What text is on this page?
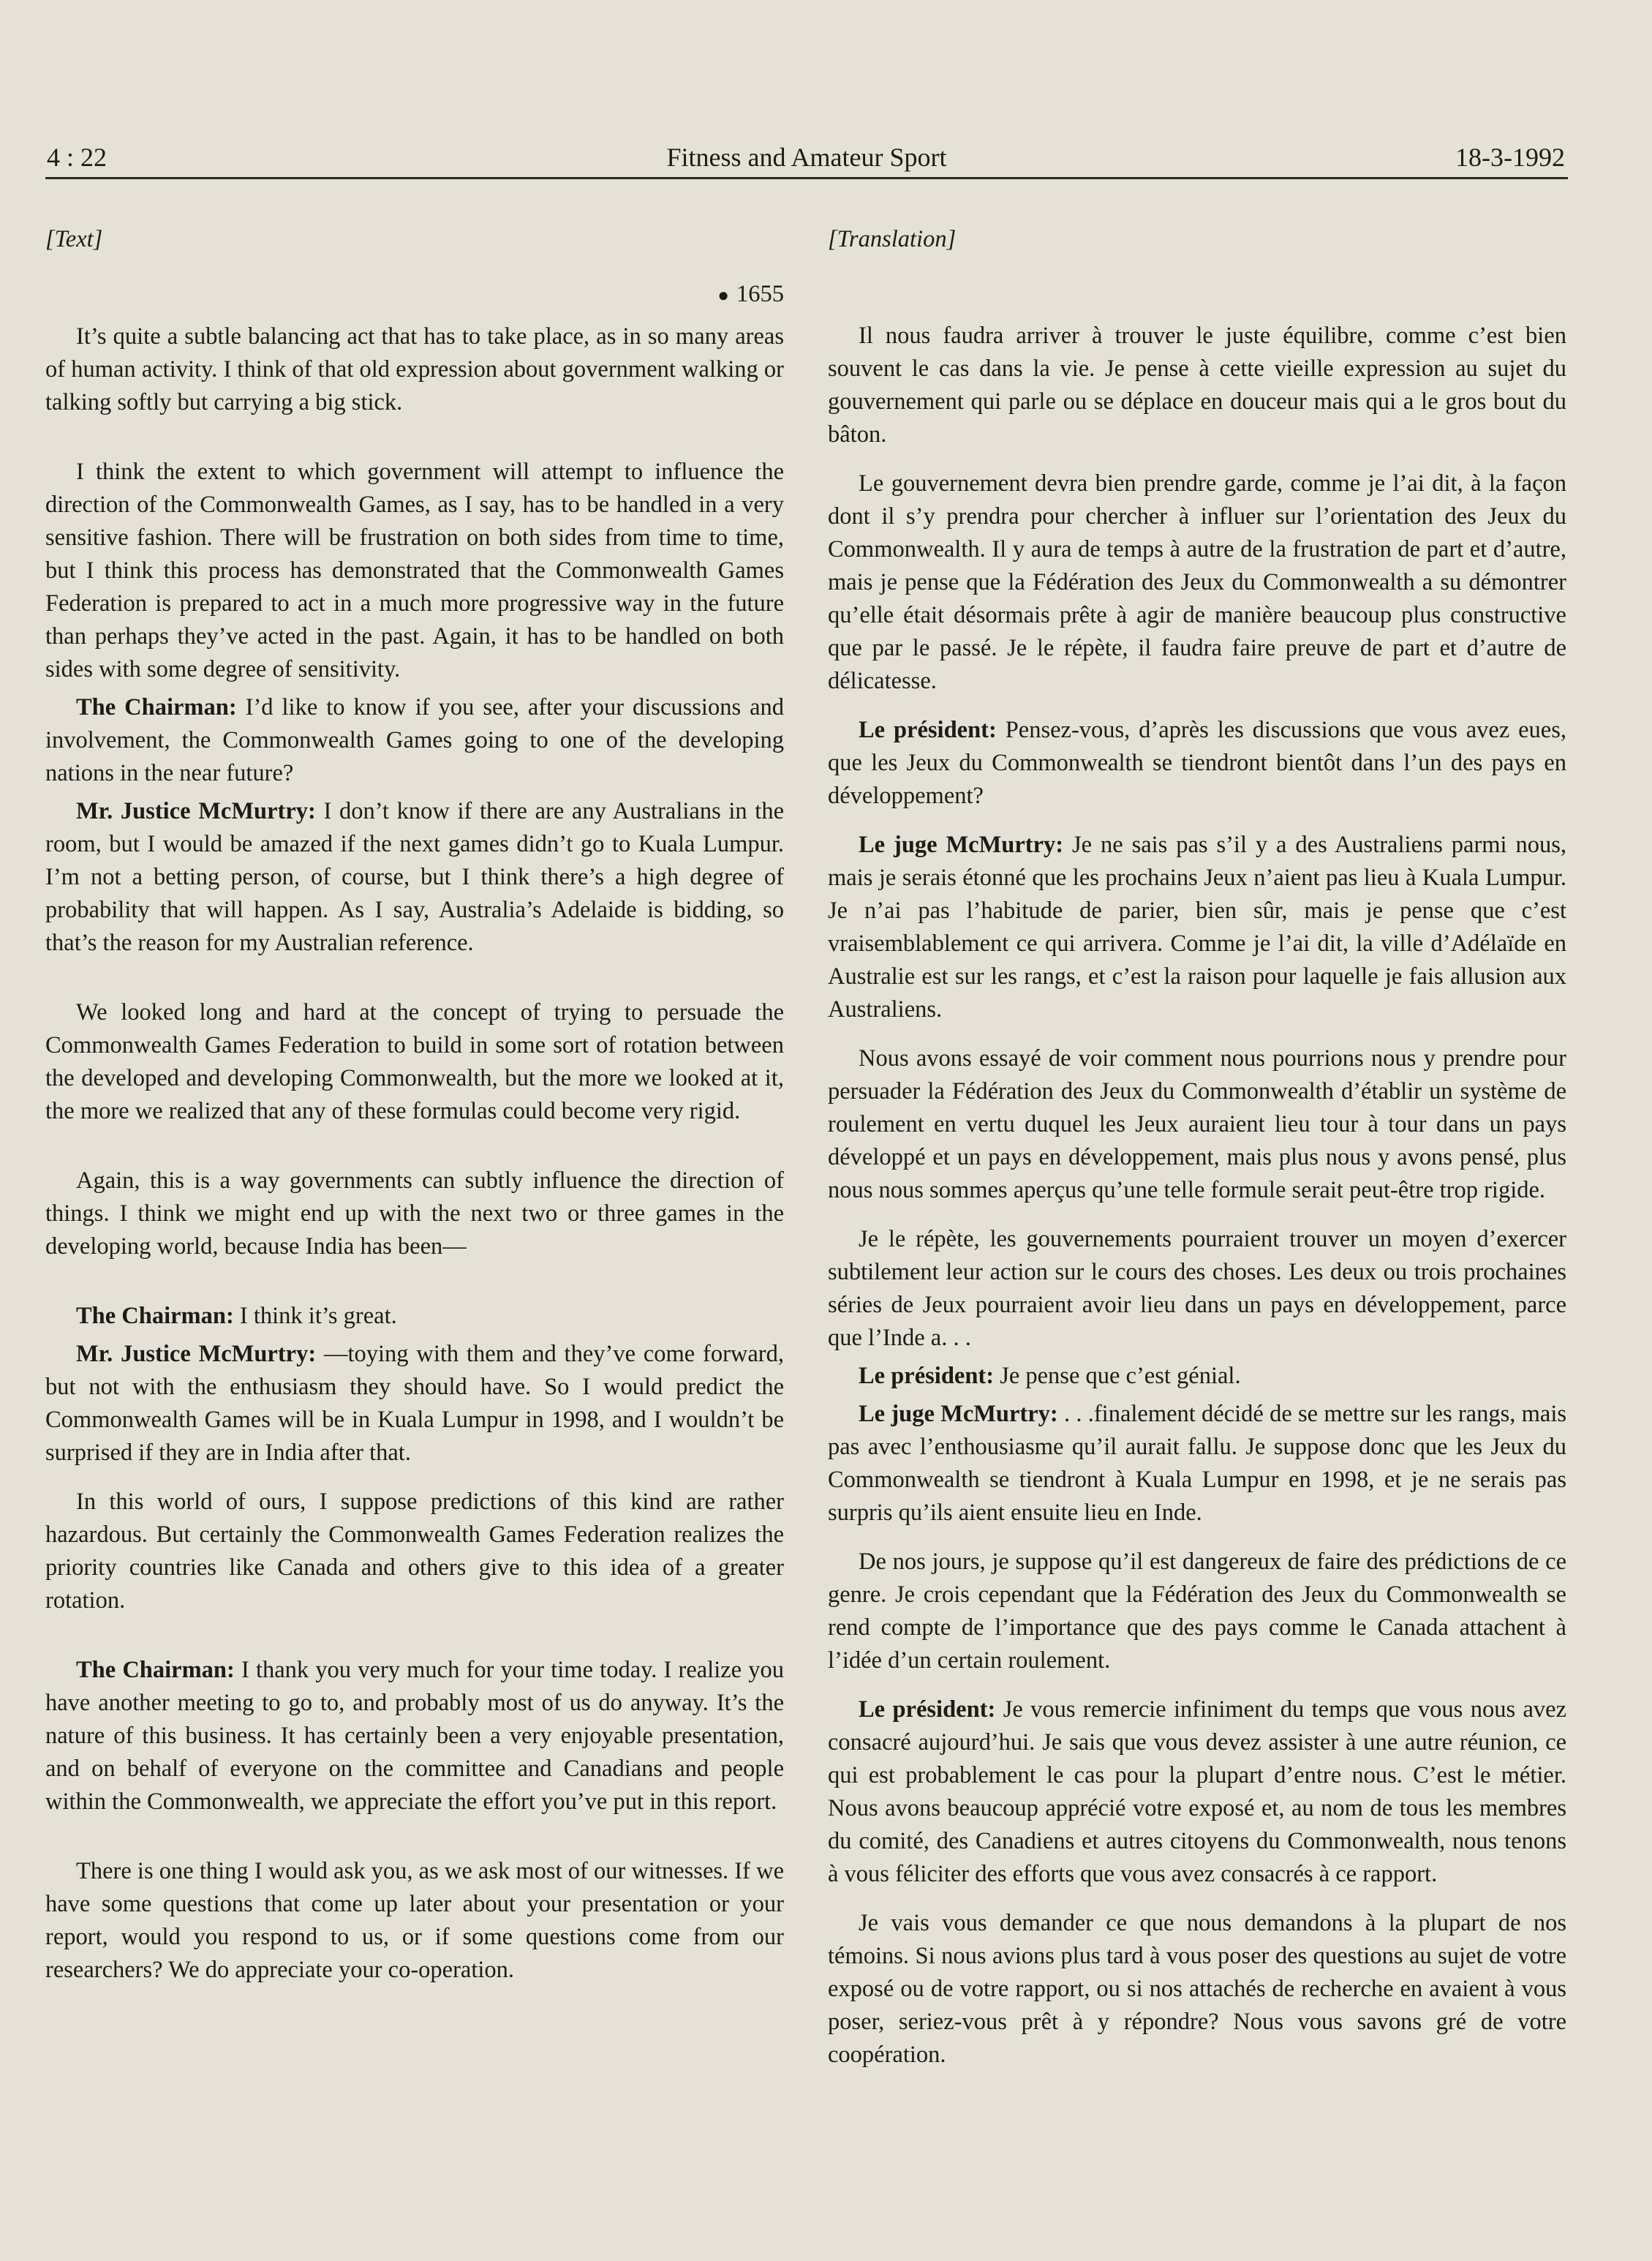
4 : 22	Fitness and Amateur Sport	18-3-1992

[Text]

● 1655

It’s quite a subtle balancing act that has to take place, as in so many areas of human activity. I think of that old expression about government walking or talking softly but carrying a big stick.

I think the extent to which government will attempt to influence the direction of the Commonwealth Games, as I say, has to be handled in a very sensitive fashion. There will be frustration on both sides from time to time, but I think this process has demonstrated that the Commonwealth Games Federation is prepared to act in a much more progressive way in the future than perhaps they’ve acted in the past. Again, it has to be handled on both sides with some degree of sensitivity.

The Chairman: I’d like to know if you see, after your discussions and involvement, the Commonwealth Games going to one of the developing nations in the near future?

Mr. Justice McMurtry: I don’t know if there are any Australians in the room, but I would be amazed if the next games didn’t go to Kuala Lumpur. I’m not a betting person, of course, but I think there’s a high degree of probability that will happen. As I say, Australia’s Adelaide is bidding, so that’s the reason for my Australian reference.

We looked long and hard at the concept of trying to persuade the Commonwealth Games Federation to build in some sort of rotation between the developed and developing Commonwealth, but the more we looked at it, the more we realized that any of these formulas could become very rigid.

Again, this is a way governments can subtly influence the direction of things. I think we might end up with the next two or three games in the developing world, because India has been—

The Chairman: I think it’s great.

Mr. Justice McMurtry: —toying with them and they’ve come forward, but not with the enthusiasm they should have. So I would predict the Commonwealth Games will be in Kuala Lumpur in 1998, and I wouldn’t be surprised if they are in India after that.

In this world of ours, I suppose predictions of this kind are rather hazardous. But certainly the Commonwealth Games Federation realizes the priority countries like Canada and others give to this idea of a greater rotation.

The Chairman: I thank you very much for your time today. I realize you have another meeting to go to, and probably most of us do anyway. It’s the nature of this business. It has certainly been a very enjoyable presentation, and on behalf of everyone on the committee and Canadians and people within the Commonwealth, we appreciate the effort you’ve put in this report.

There is one thing I would ask you, as we ask most of our witnesses. If we have some questions that come up later about your presentation or your report, would you respond to us, or if some questions come from our researchers? We do appreciate your co-operation.

[Translation]

Il nous faudra arriver à trouver le juste équilibre, comme c’est bien souvent le cas dans la vie. Je pense à cette vieille expression au sujet du gouvernement qui parle ou se déplace en douceur mais qui a le gros bout du bâton.

Le gouvernement devra bien prendre garde, comme je l’ai dit, à la façon dont il s’y prendra pour chercher à influer sur l’orientation des Jeux du Commonwealth. Il y aura de temps à autre de la frustration de part et d’autre, mais je pense que la Fédération des Jeux du Commonwealth a su démontrer qu’elle était désormais prête à agir de manière beaucoup plus constructive que par le passé. Je le répète, il faudra faire preuve de part et d’autre de délicatesse.

Le président: Pensez-vous, d’après les discussions que vous avez eues, que les Jeux du Commonwealth se tiendront bientôt dans l’un des pays en développement?

Le juge McMurtry: Je ne sais pas s’il y a des Australiens parmi nous, mais je serais étonné que les prochains Jeux n’aient pas lieu à Kuala Lumpur. Je n’ai pas l’habitude de parier, bien sûr, mais je pense que c’est vraisemblablement ce qui arrivera. Comme je l’ai dit, la ville d’Adélaïde en Australie est sur les rangs, et c’est la raison pour laquelle je fais allusion aux Australiens.

Nous avons essayé de voir comment nous pourrions nous y prendre pour persuader la Fédération des Jeux du Commonwealth d’établir un système de roulement en vertu duquel les Jeux auraient lieu tour à tour dans un pays développé et un pays en développement, mais plus nous y avons pensé, plus nous nous sommes aperçus qu’une telle formule serait peut-être trop rigide.

Je le répète, les gouvernements pourraient trouver un moyen d’exercer subtilement leur action sur le cours des choses. Les deux ou trois prochaines séries de Jeux pourraient avoir lieu dans un pays en développement, parce que l’Inde a. . .

Le président: Je pense que c’est génial.

Le juge McMurtry: . . .finalement décidé de se mettre sur les rangs, mais pas avec l’enthousiasme qu’il aurait fallu. Je suppose donc que les Jeux du Commonwealth se tiendront à Kuala Lumpur en 1998, et je ne serais pas surpris qu’ils aient ensuite lieu en Inde.

De nos jours, je suppose qu’il est dangereux de faire des prédictions de ce genre. Je crois cependant que la Fédération des Jeux du Commonwealth se rend compte de l’importance que des pays comme le Canada attachent à l’idée d’un certain roulement.

Le président: Je vous remercie infiniment du temps que vous nous avez consacré aujourd’hui. Je sais que vous devez assister à une autre réunion, ce qui est probablement le cas pour la plupart d’entre nous. C’est le métier. Nous avons beaucoup apprécié votre exposé et, au nom de tous les membres du comité, des Canadiens et autres citoyens du Commonwealth, nous tenons à vous féliciter des efforts que vous avez consacrés à ce rapport.

Je vais vous demander ce que nous demandons à la plupart de nos témoins. Si nous avions plus tard à vous poser des questions au sujet de votre exposé ou de votre rapport, ou si nos attachés de recherche en avaient à vous poser, seriez-vous prêt à y répondre? Nous vous savons gré de votre coopération.
